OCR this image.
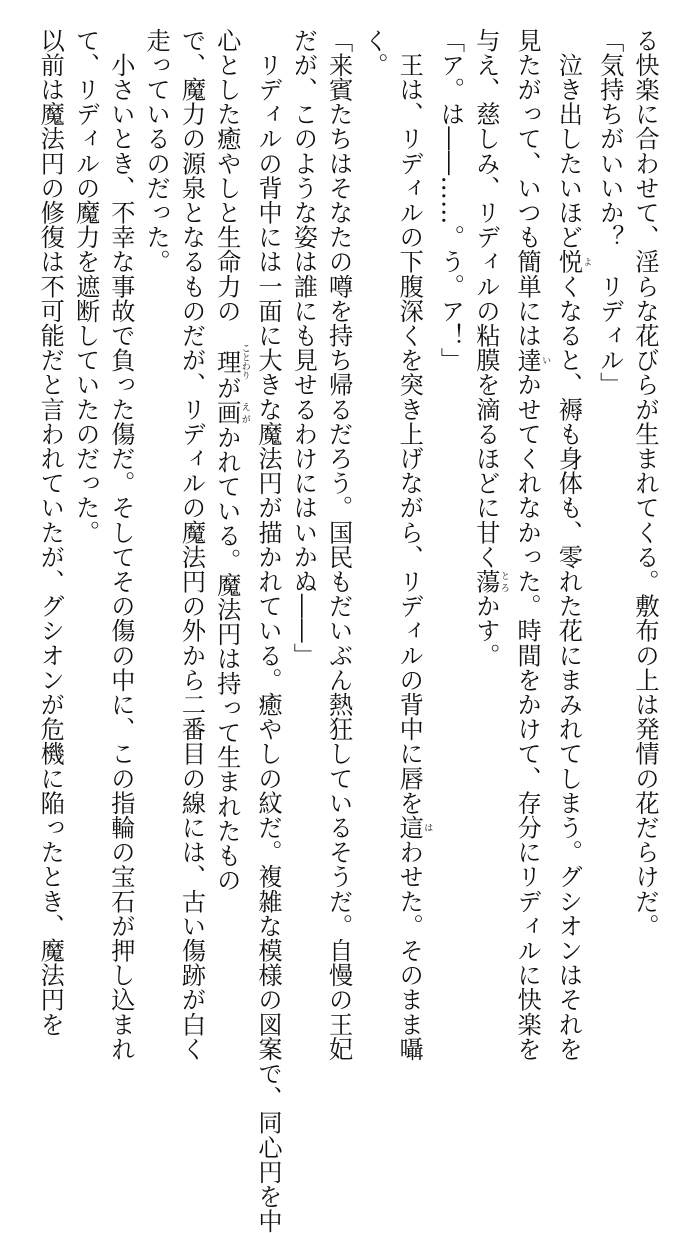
る快楽に合わせて、淫らな花びらが生まれてくる。敷布の上は発情の花だらけだ。
「気持ちがいいか？　リディル」
　泣き出したいほど悦 よくなると、褥も身体も、零れた花にまみれてしまう。グシオンはそれを
見たがって、いつも簡単には達 いかせてくれなかった。時間をかけて、存分にリディルに快楽を
与え、慈しみ、リディルの粘膜を滴るほどに甘く蕩 とろかす。
「ア。は――……。う。ア！」
　王は、リディルの下腹深くを突き上げながら、リディルの背中に唇を這 はわせた。そのまま囁
く。
「来賓たちはそなたの噂を持ち帰るだろう。国民もだいぶん熱狂しているそうだ。自慢の王妃
だが、このような姿は誰にも見せるわけにはいかぬ――」
　リディルの背中には一面に大きな魔法円が描かれている。癒やしの紋だ。複雑な模様の図案で、同心円を中
心とした癒やしと生命力の　理 ことわりが画 えがかれている。魔法円は持って生まれたもの
で、魔力の源泉となるものだが、リディルの魔法円の外から二番目の線には、古い傷跡が白く
走っているのだった。
　小さいとき、不幸な事故で負った傷だ。そしてその傷の中に、この指輪の宝石が押し込まれ
て、リディルの魔力を遮断していたのだった。
以前は魔法円の修復は不可能だと言われていたが、グシオンが危機に陥ったとき、魔法円を
